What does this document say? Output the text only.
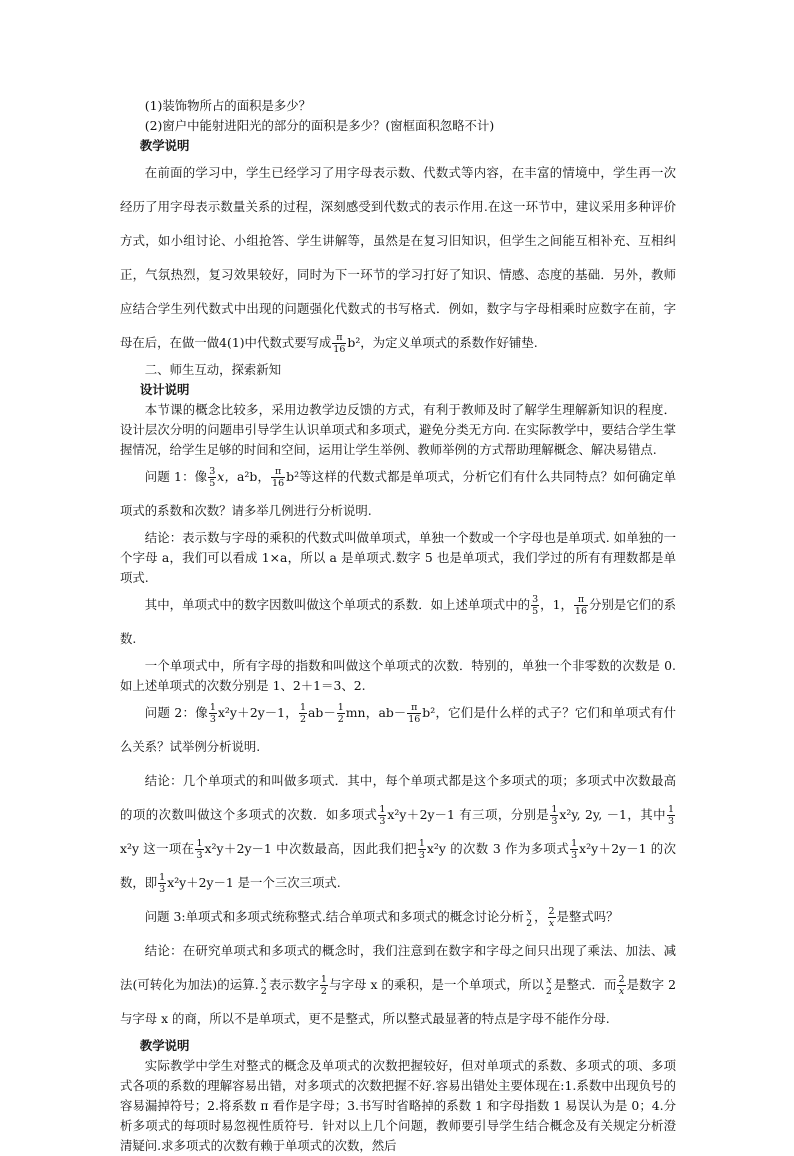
(1)装饰物所占的面积是多少？

(2)窗户中能射进阳光的部分的面积是多少？(窗框面积忽略不计)

教学说明

在前面的学习中，学生已经学习了用字母表示数、代数式等内容，在丰富的情境中，学生再一次经历了用字母表示数量关系的过程，深刻感受到代数式的表示作用.在这一环节中，建议采用多种评价方式，如小组讨论、小组抢答、学生讲解等，虽然是在复习旧知识，但学生之间能互相补充、互相纠正，气氛热烈，复习效果较好，同时为下一环节的学习打好了知识、情感、态度的基础．另外，教师应结合学生列代数式中出现的问题强化代数式的书写格式．例如，数字与字母相乘时应数字在前，字母在后，在做一做4(1)中代数式要写成 $\frac{\pi}{16} b^2$，为定义单项式的系数作好铺垫.

二、师生互动，探索新知

设计说明

本节课的概念比较多，采用边教学边反馈的方式，有利于教师及时了解学生理解新知识的程度．设计层次分明的问题串引导学生认识单项式和多项式，避免分类无方向. 在实际教学中，要结合学生掌握情况，给学生足够的时间和空间，运用让学生举例、教师举例的方式帮助理解概念、解决易错点.

问题 1：像 $\frac{3}{5}$ x，a²b， $\frac{\pi}{16} b^2$等这样的代数式都是单项式，分析它们有什么共同特点？如何确定单项式的系数和次数？请多举几例进行分析说明.

结论：表示数与字母的乘积的代数式叫做单项式，单独一个数或一个字母也是单项式. 如单独的一个字母 a，我们可以看成 1×a，所以 a 是单项式.数字 5 也是单项式，我们学过的所有有理数都是单项式.

其中，单项式中的数字因数叫做这个单项式的系数．如上述单项式中的 $\frac{3}{5}$ ，1， $\frac{\pi}{16}$ 分别是它们的系数.

一个单项式中，所有字母的指数和叫做这个单项式的次数．特别的，单独一个非零数的次数是 0.如上述单项式的次数分别是 1、2＋1＝3、2.

问题 2：像 $\frac{1}{3} x^2y+2y-1$， $\frac{1}{2} ab- \frac{1}{2}$ mn，$ab- \frac{\pi}{16} b^2$，它们是什么样的式子？它们和单项式有什么关系？试举例分析说明.

结论：几个单项式的和叫做多项式．其中，每个单项式都是这个多项式的项；多项式中次数最高的项的次数叫做这个多项式的次数．如多项式 $\frac{1}{3} x^2y+2y-1$ 有三项，分别是 $\frac{1}{3} x^2y$, 2y, －1，其中 $\frac{1}{3}$
x²y 这一项在 $\frac{1}{3} x^2y+2y-1$ 中次数最高，因此我们把 $\frac{1}{3} x^2y$ 的次数 3 作为多项式 $\frac{1}{3} x^2y+2y-1$ 的次数，即 $\frac{1}{3} x^2y+2y-1$ 是一个三次三项式.

问题 3:单项式和多项式统称整式.结合单项式和多项式的概念讨论分析 x
2 ， $\frac{2}{x}$是整式吗？

结论：在研究单项式和多项式的概念时，我们注意到在数字和字母之间只出现了乘法、加法、减法(可转化为加法)的运算. x
2 表示数字 $\frac{1}{2}$ 与字母 x 的乘积，是一个单项式，所以 x
2 是整式．而 $\frac{2}{x}$是数字 2 与字母 x 的商，所以不是单项式，更不是整式，所以整式最显著的特点是字母不能作分母.

教学说明

实际教学中学生对整式的概念及单项式的次数把握较好，但对单项式的系数、多项式的项、多项式各项的系数的理解容易出错，对多项式的次数把握不好.容易出错处主要体现在:1.系数中出现负号的容易漏掉符号；2.将系数 π 看作是字母；3.书写时省略掉的系数 1 和字母指数 1 易误认为是 0；4.分析多项式的每项时易忽视性质符号．针对以上几个问题，教师要引导学生结合概念及有关规定分析澄清疑问.求多项式的次数有赖于单项式的次数，然后
